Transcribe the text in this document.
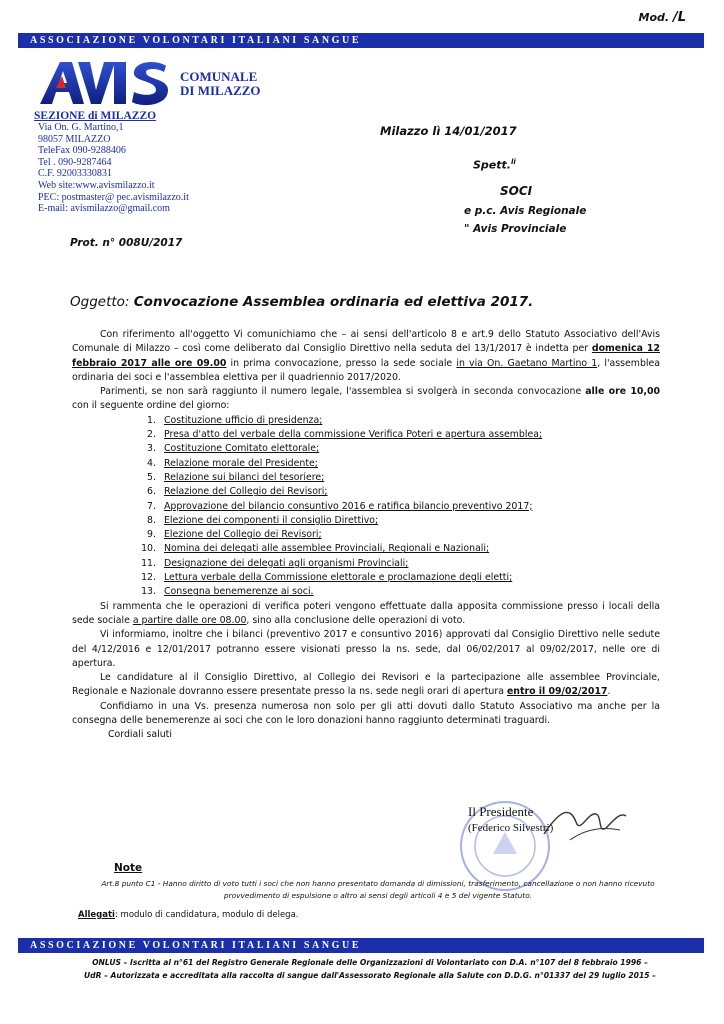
Mod. /L
ASSOCIAZIONE VOLONTARI ITALIANI SANGUE
COMUNALE
DI MILAZZO
SEZIONE di MILAZZO
Via On. G. Martino,1
98057 MILAZZO
TeleFax 090-9288406
Tel . 090-9287464
C.F. 92003330831
Web site:www.avismilazzo.it
PEC: postmaster@ pec.avismilazzo.it
E-mail: avismilazzo@gmail.com
Milazzo lì 14/01/2017
Spett.$^{li}$
SOCI
e p.c. Avis Regionale
" Avis Provinciale
Prot. n° 008U/2017
Oggetto: Convocazione Assemblea ordinaria ed elettiva 2017.

Con riferimento all'oggetto Vi comunichiamo che – ai sensi dell'articolo 8 e art.9 dello Statuto Associativo dell'Avis Comunale di Milazzo – così come deliberato dal Consiglio Direttivo nella seduta del 13/1/2017 è indetta per domenica 12 febbraio 2017 alle ore 09.00 in prima convocazione, presso la sede sociale in via On. Gaetano Martino 1, l'assemblea ordinaria dei soci e l'assemblea elettiva per il quadriennio 2017/2020.

Parimenti, se non sarà raggiunto il numero legale, l'assemblea si svolgerà in seconda convocazione alle ore 10,00 con il seguente ordine del giorno:

1. Costituzione ufficio di presidenza;
2. Presa d'atto del verbale della commissione Verifica Poteri e apertura assemblea;
3. Costituzione Comitato elettorale;
4. Relazione morale del Presidente;
5. Relazione sui bilanci del tesoriere;
6. Relazione del Collegio dei Revisori;
7. Approvazione del bilancio consuntivo 2016 e ratifica bilancio preventivo 2017;
8. Elezione dei componenti il consiglio Direttivo;
9. Elezione del Collegio dei Revisori;
10. Nomina dei delegati alle assemblee Provinciali, Regionali e Nazionali;
11. Designazione dei delegati agli organismi Provinciali;
12. Lettura verbale della Commissione elettorale e proclamazione degli eletti;
13. Consegna benemerenze ai soci.

Si rammenta che le operazioni di verifica poteri vengono effettuate dalla apposita commissione presso i locali della sede sociale a partire dalle ore 08.00, sino alla conclusione delle operazioni di voto.

Vi informiamo, inoltre che i bilanci (preventivo 2017 e consuntivo 2016) approvati dal Consiglio Direttivo nelle sedute del 4/12/2016 e 12/01/2017 potranno essere visionati presso la ns. sede, dal 06/02/2017 al 09/02/2017, nelle ore di apertura.

Le candidature al il Consiglio Direttivo, al Collegio dei Revisori e la partecipazione alle assemblee Provinciale, Regionale e Nazionale dovranno essere presentate presso la ns. sede negli orari di apertura entro il 09/02/2017.

Confidiamo in una Vs. presenza numerosa non solo per gli atti dovuti dallo Statuto Associativo ma anche per la consegna delle benemerenze ai soci che con le loro donazioni hanno raggiunto determinati traguardi.

Cordiali saluti

Il Presidente
(Federico Silvestri)
Note
Art.8 punto C1 - Hanno diritto di voto tutti i soci che non hanno presentato domanda di dimissioni, trasferimento, cancellazione o non hanno ricevuto provvedimento di espulsione o altro ai sensi degli articoli 4 e 5 del vigente Statuto.
Allegati: modulo di candidatura, modulo di delega.
ASSOCIAZIONE VOLONTARI ITALIANI SANGUE
ONLUS – Iscritta al n°61 del Registro Generale Regionale delle Organizzazioni di Volontariato con D.A. n°107 del 8 febbraio 1996 –
UdR – Autorizzata e accreditata alla raccolta di sangue dall'Assessorato Regionale alla Salute con D.D.G. n°01337 del 29 luglio 2015 –
